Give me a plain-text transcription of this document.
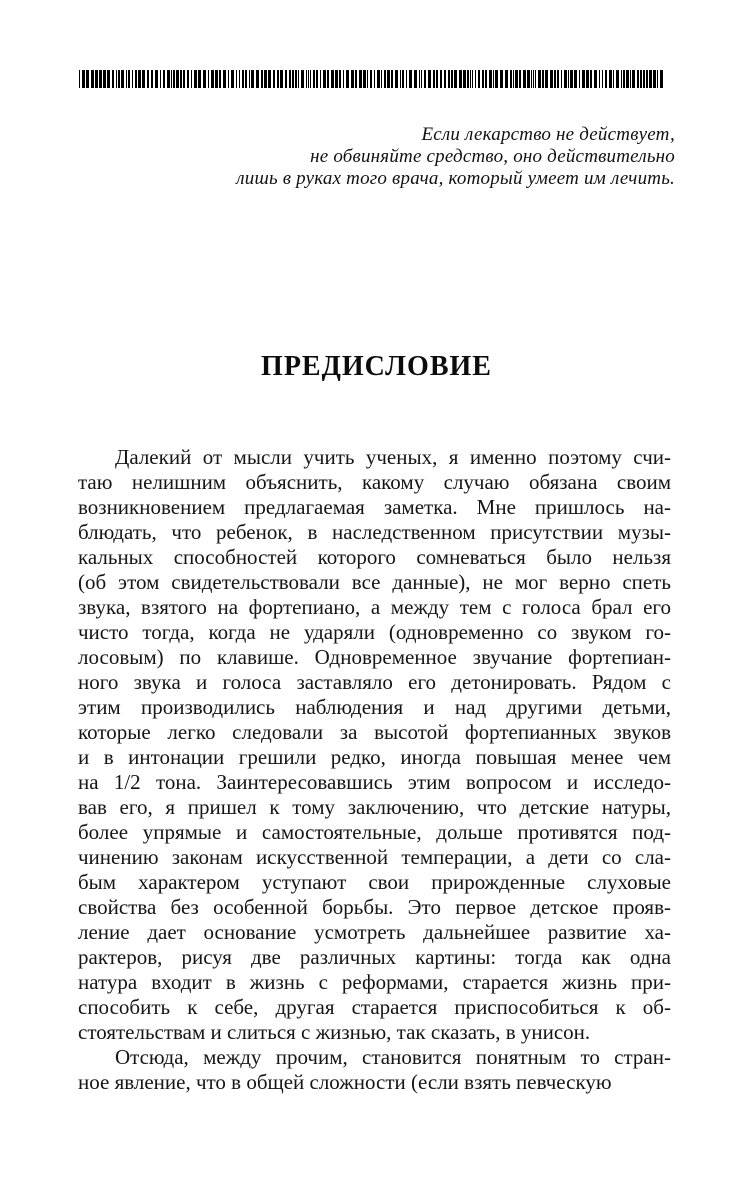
Если лекарство не действует,
не обвиняйте средство, оно действительно
лишь в руках того врача, который умеет им лечить.
ПРЕДИСЛОВИЕ
Далекий от мысли учить ученых, я именно поэтому счи-
таю нелишним объяснить, какому случаю обязана своим
возникновением предлагаемая заметка. Мне пришлось на-
блюдать, что ребенок, в наследственном присутствии музы-
кальных способностей которого сомневаться было нельзя
(об этом свидетельствовали все данные), не мог верно спеть
звука, взятого на фортепиано, а между тем с голоса брал его
чисто тогда, когда не ударяли (одновременно со звуком го-
лосовым) по клавише. Одновременное звучание фортепиан-
ного звука и голоса заставляло его детонировать. Рядом с
этим производились наблюдения и над другими детьми,
которые легко следовали за высотой фортепианных звуков
и в интонации грешили редко, иногда повышая менее чем
на 1/2 тона. Заинтересовавшись этим вопросом и исследо-
вав его, я пришел к тому заключению, что детские натуры,
более упрямые и самостоятельные, дольше противятся под-
чинению законам искусственной темперации, а дети со сла-
бым характером уступают свои прирожденные слуховые
свойства без особенной борьбы. Это первое детское прояв-
ление дает основание усмотреть дальнейшее развитие ха-
рактеров, рисуя две различных картины: тогда как одна
натура входит в жизнь с реформами, старается жизнь при-
способить к себе, другая старается приспособиться к об-
стоятельствам и слиться с жизнью, так сказать, в унисон.
Отсюда, между прочим, становится понятным то стран-
ное явление, что в общей сложности (если взять певческую
